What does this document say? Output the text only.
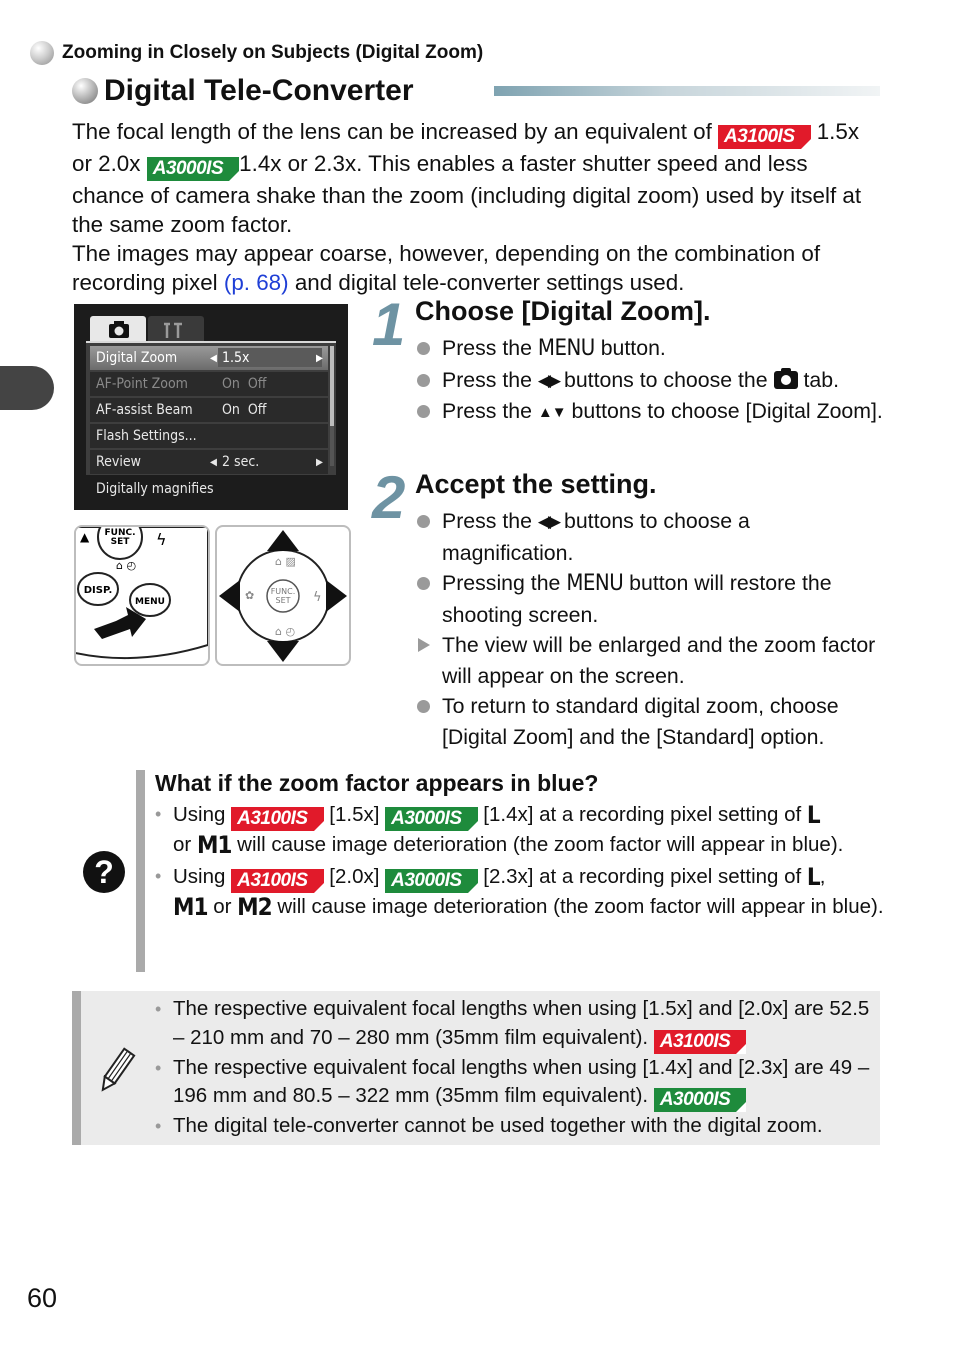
Zooming in Closely on Subjects (Digital Zoom)
Digital Tele-Converter
The focal length of the lens can be increased by an equivalent of A3100IS 1.5x or 2.0x A3000IS 1.4x or 2.3x. This enables a faster shutter speed and less chance of camera shake than the zoom (including digital zoom) used by itself at the same zoom factor.
The images may appear coarse, however, depending on the combination of recording pixel (p. 68) and digital tele-converter settings used.
Digital Zoom	◀ 1.5x	▶
AF-Point Zoom On  Off
AF-assist Beam On  Off
Flash Settings...
Review	◀ 2 sec.	▶
Digitally magnifies
FUNC.
SET ϟ
▲
⌂ ◴
DISP.
MENU
FUNC.
SET
⌂ ▨
⌂ ◴
✿	ϟ
1 Choose [Digital Zoom].
Press the MENU button.
Press the ◀▶ buttons to choose the tab.
Press the ▲▼ buttons to choose [Digital Zoom].
2 Accept the setting.
Press the ◀▶ buttons to choose a magnification.
Pressing the MENU button will restore the shooting screen.
The view will be enlarged and the zoom factor will appear on the screen.
To return to standard digital zoom, choose [Digital Zoom] and the [Standard] option.
?
What if the zoom factor appears in blue?
• Using A3100IS [1.5x] A3000IS [1.4x] at a recording pixel setting of L
or M1 will cause image deterioration (the zoom factor will appear in blue).
• Using A3100IS [2.0x] A3000IS [2.3x] at a recording pixel setting of L,
M1 or M2 will cause image deterioration (the zoom factor will appear in blue).
• The respective equivalent focal lengths when using [1.5x] and [2.0x] are 52.5 – 210 mm and 70 – 280 mm (35mm film equivalent). A3100IS
• The respective equivalent focal lengths when using [1.4x] and [2.3x] are 49 – 196 mm and 80.5 – 322 mm (35mm film equivalent). A3000IS
• The digital tele-converter cannot be used together with the digital zoom.
60
